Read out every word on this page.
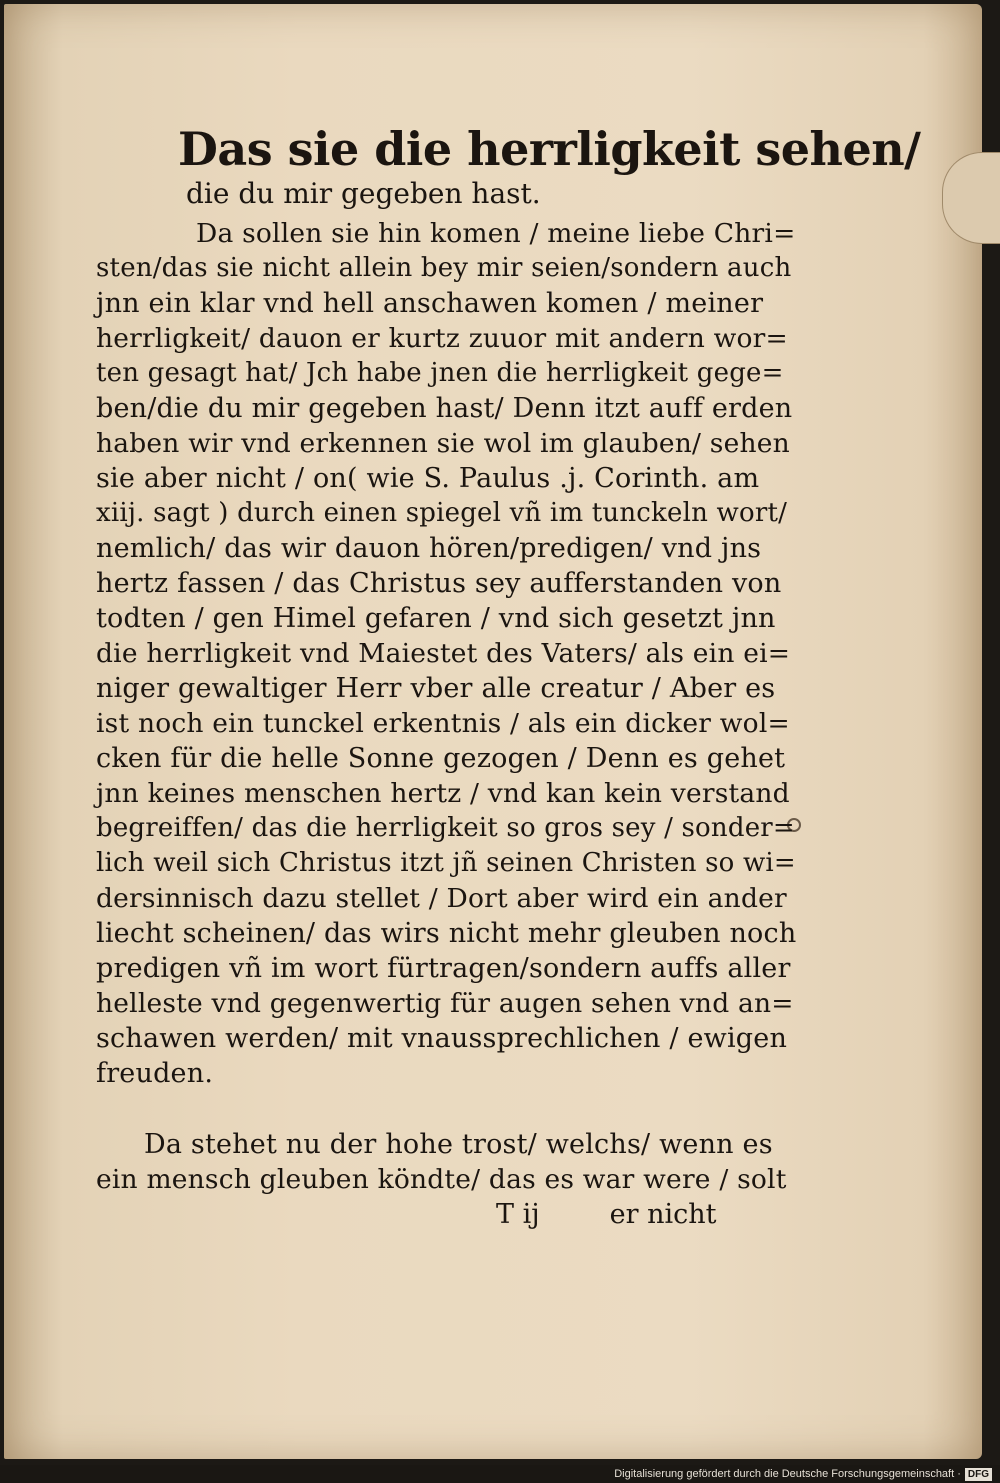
Das sie die herrligkeit sehen/
die du mir gegeben hast.
Da sollen sie hin komen / meine liebe Chri=
sten/das sie nicht allein bey mir seien/sondern auch
jnn ein klar vnd hell anschawen komen / meiner
herrligkeit/ dauon er kurtz zuuor mit andern wor=
ten gesagt hat/ Jch habe jnen die herrligkeit gege=
ben/die du mir gegeben hast/ Denn itzt auff erden
haben wir vnd erkennen sie wol im glauben/ sehen
sie aber nicht / on( wie S. Paulus .j. Corinth. am
xiij. sagt ) durch einen spiegel vñ im tunckeln wort/
nemlich/ das wir dauon hören/predigen/ vnd jns
hertz fassen / das Christus sey aufferstanden von
todten / gen Himel gefaren / vnd sich gesetzt jnn
die herrligkeit vnd Maiestet des Vaters/ als ein ei=
niger gewaltiger Herr vber alle creatur / Aber es
ist noch ein tunckel erkentnis / als ein dicker wol=
cken für die helle Sonne gezogen / Denn es gehet
jnn keines menschen hertz / vnd kan kein verstand
begreiffen/ das die herrligkeit so gros sey / sonder=
lich weil sich Christus itzt jñ seinen Christen so wi=
dersinnisch dazu stellet / Dort aber wird ein ander
liecht scheinen/ das wirs nicht mehr gleuben noch
predigen vñ im wort fürtragen/sondern auffs aller
helleste vnd gegenwertig für augen sehen vnd an=
schawen werden/ mit vnaussprechlichen / ewigen
freuden.
Da stehet nu der hohe trost/ welchs/ wenn es
ein mensch gleuben köndte/ das es war were / solt
T ij	er nicht
Digitalisierung gefördert durch die Deutsche Forschungsgemeinschaft · DFG
